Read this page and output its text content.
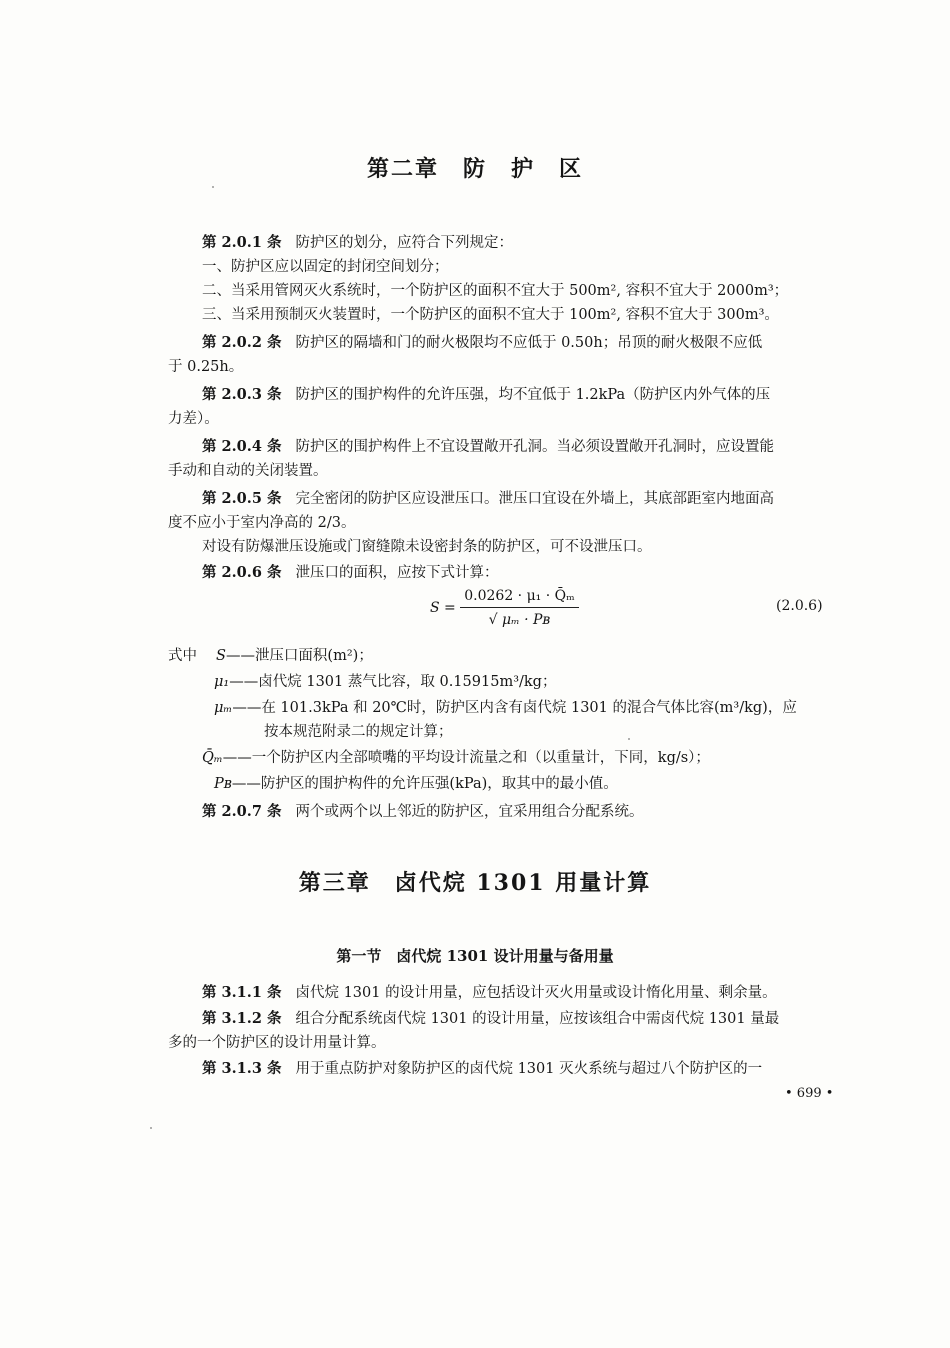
第二章　防　护　区
第 2.0.1 条 防护区的划分，应符合下列规定：
一、防护区应以固定的封闭空间划分；
二、当采用管网灭火系统时，一个防护区的面积不宜大于 500m², 容积不宜大于 2000m³；
三、当采用预制灭火装置时，一个防护区的面积不宜大于 100m², 容积不宜大于 300m³。
第 2.0.2 条 防护区的隔墙和门的耐火极限均不应低于 0.50h；吊顶的耐火极限不应低
于 0.25h。
第 2.0.3 条 防护区的围护构件的允许压强，均不宜低于 1.2kPa（防护区内外气体的压
力差）。
第 2.0.4 条 防护区的围护构件上不宜设置敞开孔洞。当必须设置敞开孔洞时，应设置能
手动和自动的关闭装置。
第 2.0.5 条 完全密闭的防护区应设泄压口。泄压口宜设在外墙上，其底部距室内地面高
度不应小于室内净高的 2/3。
对设有防爆泄压设施或门窗缝隙未设密封条的防护区，可不设泄压口。
第 2.0.6 条 泄压口的面积，应按下式计算：
$S = \frac{\text{0.0262 · μ₁ · Q̄ₘ}}{\text{√ μₘ · Pʙ}}$	(2.0.6)
式中 S——泄压口面积(m²)；
μ₁——卤代烷 1301 蒸气比容，取 0.15915m³/kg；
μₘ——在 101.3kPa 和 20℃时，防护区内含有卤代烷 1301 的混合气体比容(m³/kg)，应
按本规范附录二的规定计算；
Q̄ₘ——一个防护区内全部喷嘴的平均设计流量之和（以重量计，下同，kg/s）；
Pʙ——防护区的围护构件的允许压强(kPa)，取其中的最小值。
第 2.0.7 条 两个或两个以上邻近的防护区，宜采用组合分配系统。
第三章　卤代烷 1301 用量计算
第一节　卤代烷 1301 设计用量与备用量
第 3.1.1 条 卤代烷 1301 的设计用量，应包括设计灭火用量或设计惰化用量、剩余量。
第 3.1.2 条 组合分配系统卤代烷 1301 的设计用量，应按该组合中需卤代烷 1301 量最
多的一个防护区的设计用量计算。
第 3.1.3 条 用于重点防护对象防护区的卤代烷 1301 灭火系统与超过八个防护区的一
• 699 •
